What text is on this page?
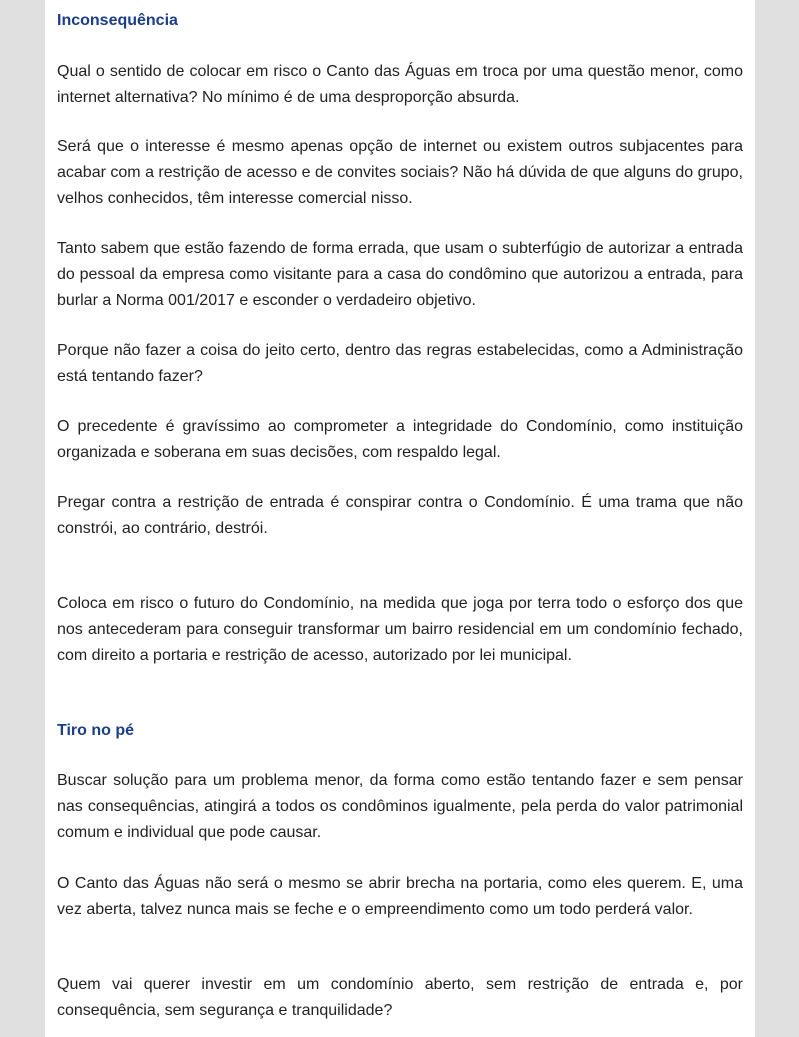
Inconsequência

Qual o sentido de colocar em risco o Canto das Águas em troca por uma questão menor, como internet alternativa? No mínimo é de uma desproporção absurda.

Será que o interesse é mesmo apenas opção de internet ou existem outros subjacentes para acabar com a restrição de acesso e de convites sociais? Não há dúvida de que alguns do grupo, velhos conhecidos, têm interesse comercial nisso.

Tanto sabem que estão fazendo de forma errada, que usam o subterfúgio de autorizar a entrada do pessoal da empresa como visitante para a casa do condômino que autorizou a entrada, para burlar a Norma 001/2017 e esconder o verdadeiro objetivo.

Porque não fazer a coisa do jeito certo, dentro das regras estabelecidas, como a Administração está tentando fazer?

O precedente é gravíssimo ao comprometer a integridade do Condomínio, como instituição organizada e soberana em suas decisões, com respaldo legal.

Pregar contra a restrição de entrada é conspirar contra o Condomínio. É uma trama que não constrói, ao contrário, destrói.

Coloca em risco o futuro do Condomínio, na medida que joga por terra todo o esforço dos que nos antecederam para conseguir transformar um bairro residencial em um condomínio fechado, com direito a portaria e restrição de acesso, autorizado por lei municipal.

Tiro no pé

Buscar solução para um problema menor, da forma como estão tentando fazer e sem pensar nas consequências, atingirá a todos os condôminos igualmente, pela perda do valor patrimonial comum e individual que pode causar.

O Canto das Águas não será o mesmo se abrir brecha na portaria, como eles querem. E, uma vez aberta, talvez nunca mais se feche e o empreendimento como um todo perderá valor.

Quem vai querer investir em um condomínio aberto, sem restrição de entrada e, por consequência, sem segurança e tranquilidade?
